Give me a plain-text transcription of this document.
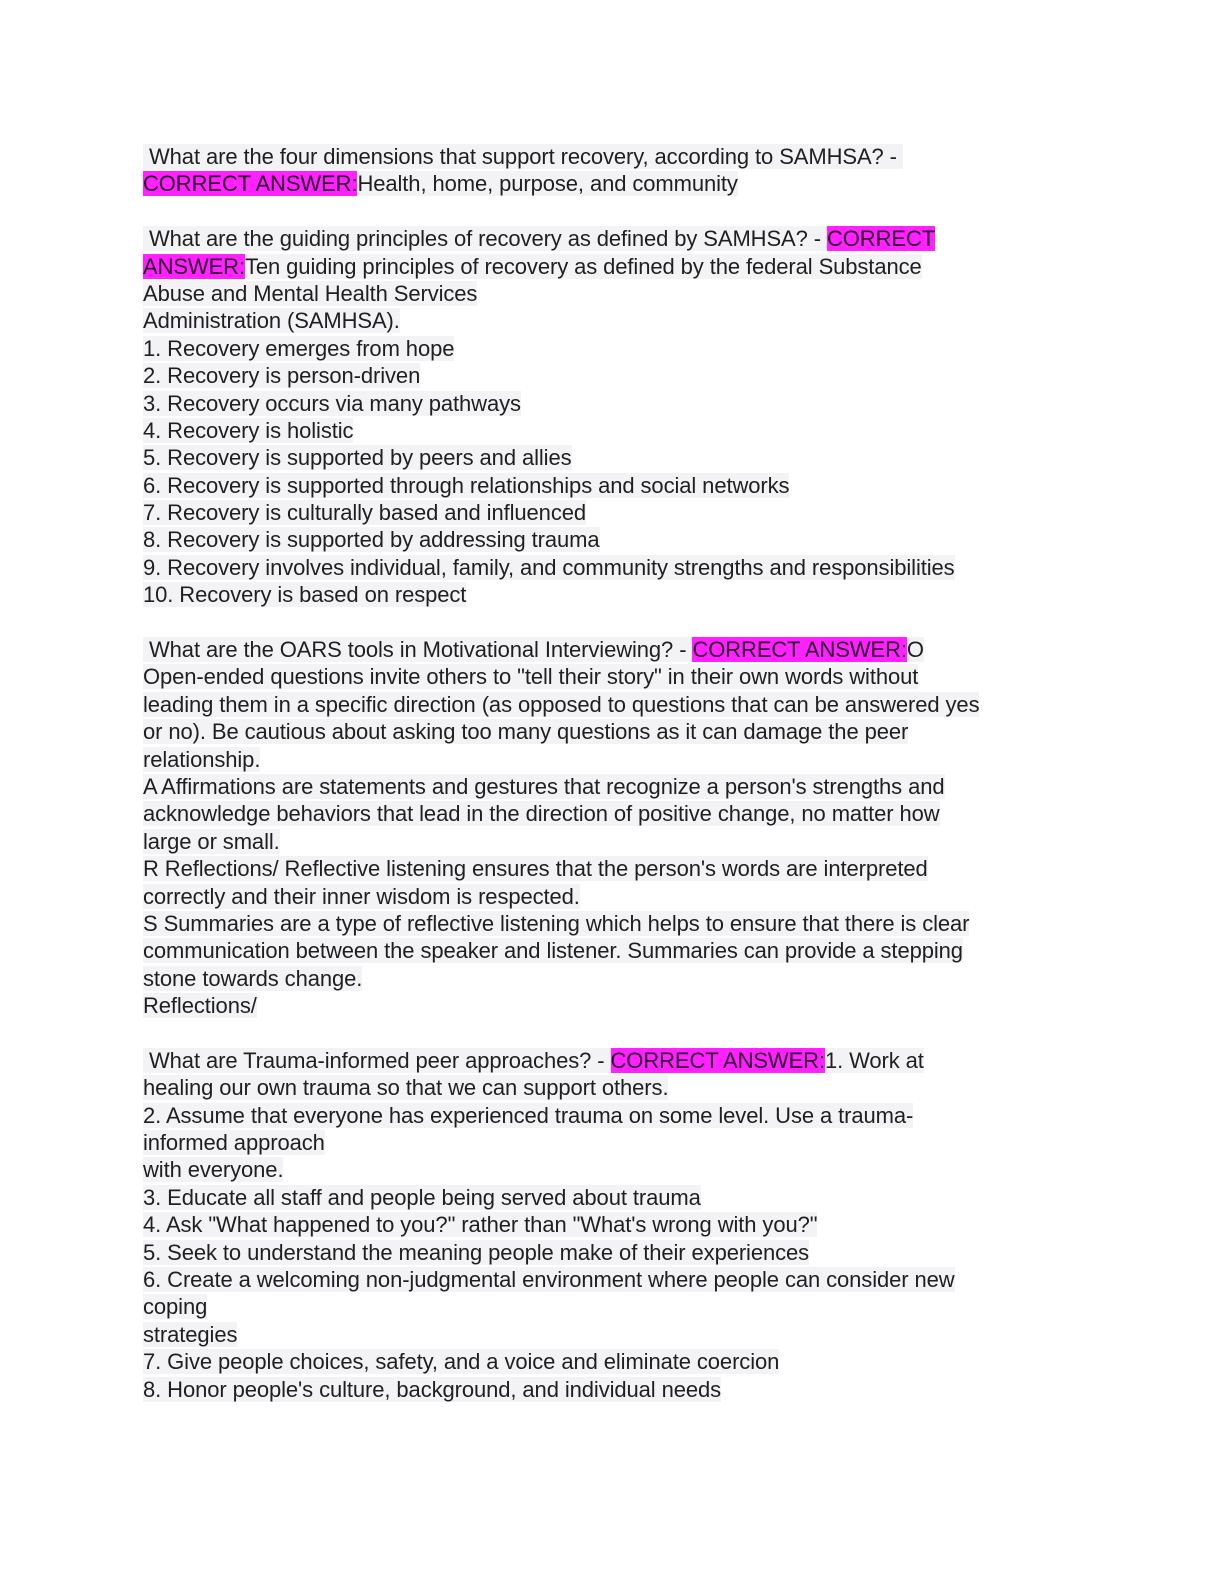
What are the four dimensions that support recovery, according to SAMHSA? -
CORRECT ANSWER:Health, home, purpose, and community
What are the guiding principles of recovery as defined by SAMHSA? - CORRECT
ANSWER:Ten guiding principles of recovery as defined by the federal Substance
Abuse and Mental Health Services
Administration (SAMHSA).
1. Recovery emerges from hope
2. Recovery is person-driven
3. Recovery occurs via many pathways
4. Recovery is holistic
5. Recovery is supported by peers and allies
6. Recovery is supported through relationships and social networks
7. Recovery is culturally based and influenced
8. Recovery is supported by addressing trauma
9. Recovery involves individual, family, and community strengths and responsibilities
10. Recovery is based on respect
What are the OARS tools in Motivational Interviewing? - CORRECT ANSWER:O
Open-ended questions invite others to "tell their story" in their own words without
leading them in a specific direction (as opposed to questions that can be answered yes
or no). Be cautious about asking too many questions as it can damage the peer
relationship.
A Affirmations are statements and gestures that recognize a person's strengths and
acknowledge behaviors that lead in the direction of positive change, no matter how
large or small.
R Reflections/ Reflective listening ensures that the person's words are interpreted
correctly and their inner wisdom is respected.
S Summaries are a type of reflective listening which helps to ensure that there is clear
communication between the speaker and listener. Summaries can provide a stepping
stone towards change.
Reflections/
What are Trauma-informed peer approaches? - CORRECT ANSWER:1. Work at
healing our own trauma so that we can support others.
2. Assume that everyone has experienced trauma on some level. Use a trauma-
informed approach
with everyone.
3. Educate all staff and people being served about trauma
4. Ask "What happened to you?" rather than "What's wrong with you?"
5. Seek to understand the meaning people make of their experiences
6. Create a welcoming non-judgmental environment where people can consider new
coping
strategies
7. Give people choices, safety, and a voice and eliminate coercion
8. Honor people's culture, background, and individual needs
